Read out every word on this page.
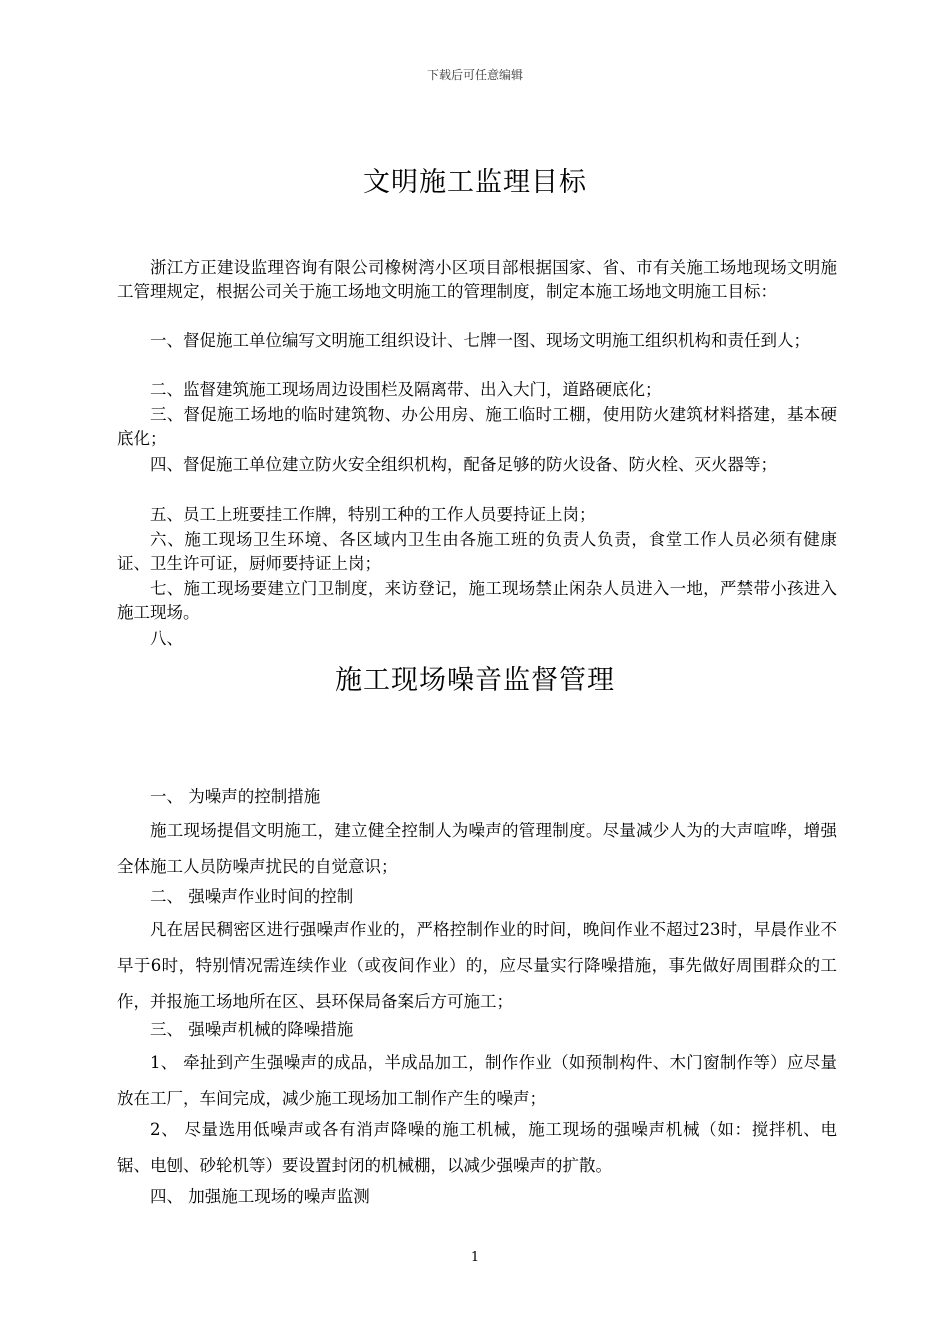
下载后可任意编辑
文明施工监理目标

浙江方正建设监理咨询有限公司橡树湾小区项目部根据国家、省、市有关施工场地现场文明施工管理规定，根据公司关于施工场地文明施工的管理制度，制定本施工场地文明施工目标：

一、督促施工单位编写文明施工组织设计、七牌一图、现场文明施工组织机构和责任到人；

二、监督建筑施工现场周边设围栏及隔离带、出入大门，道路硬底化；

三、督促施工场地的临时建筑物、办公用房、施工临时工棚，使用防火建筑材料搭建，基本硬底化；

四、督促施工单位建立防火安全组织机构，配备足够的防火设备、防火栓、灭火器等；

五、员工上班要挂工作牌，特别工种的工作人员要持证上岗；

六、施工现场卫生环境、各区域内卫生由各施工班的负责人负责，食堂工作人员必须有健康证、卫生许可证，厨师要持证上岗；

七、施工现场要建立门卫制度，来访登记，施工现场禁止闲杂人员进入一地，严禁带小孩进入施工现场。

八、

施工现场噪音监督管理

一、 为噪声的控制措施

施工现场提倡文明施工，建立健全控制人为噪声的管理制度。尽量减少人为的大声喧哗，增强全体施工人员防噪声扰民的自觉意识；

二、 强噪声作业时间的控制

凡在居民稠密区进行强噪声作业的，严格控制作业的时间，晚间作业不超过23时，早晨作业不早于6时，特别情况需连续作业（或夜间作业）的，应尽量实行降噪措施，事先做好周围群众的工作，并报施工场地所在区、县环保局备案后方可施工；

三、 强噪声机械的降噪措施

1、 牵扯到产生强噪声的成品，半成品加工，制作作业（如预制构件、木门窗制作等）应尽量放在工厂，车间完成，减少施工现场加工制作产生的噪声；

2、 尽量选用低噪声或各有消声降噪的施工机械，施工现场的强噪声机械（如：搅拌机、电锯、电刨、砂轮机等）要设置封闭的机械棚，以减少强噪声的扩散。

四、 加强施工现场的噪声监测

1
